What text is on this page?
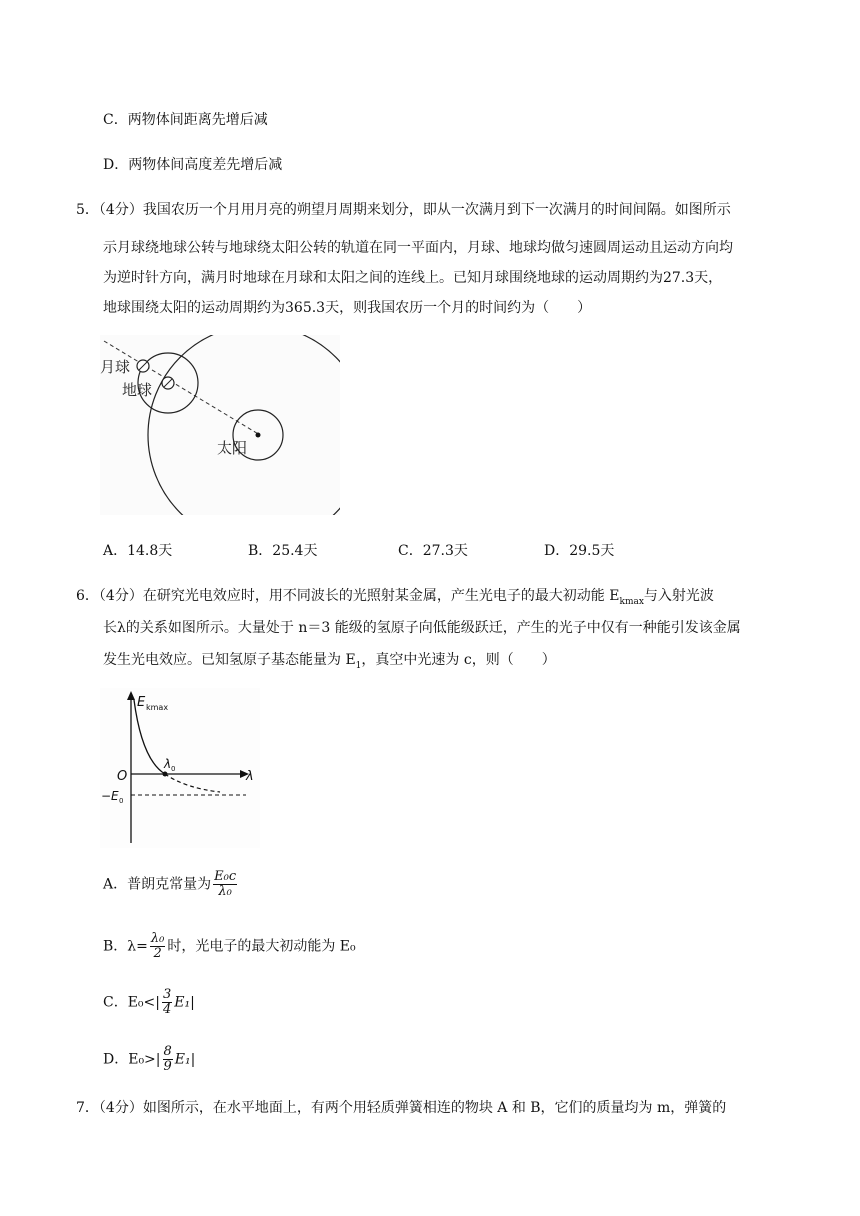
C．两物体间距离先增后减
D．两物体间高度差先增后减
5．（4分）我国农历一个月用月亮的朔望月周期来划分，即从一次满月到下一次满月的时间间隔。如图所示
示月球绕地球公转与地球绕太阳公转的轨道在同一平面内，月球、地球均做匀速圆周运动且运动方向均
为逆时针方向，满月时地球在月球和太阳之间的连线上。已知月球围绕地球的运动周期约为27.3天，
地球围绕太阳的运动周期约为365.3天，则我国农历一个月的时间约为（　　）
月球
地球
太阳
A．14.8天	B．25.4天	C．27.3天	D．29.5天
6．（4分）在研究光电效应时，用不同波长的光照射某金属，产生光电子的最大初动能 $E_{kmax}$与入射光波
长λ的关系如图所示。大量处于 n＝3 能级的氢原子向低能级跃迁，产生的光子中仅有一种能引发该金属
发生光电效应。已知氢原子基态能量为 $E_1$，真空中光速为 c，则（　　）
E kmax
λ
O
λ 0
−E 0
A．普朗克常量为 $\frac{\text{E₀c}}{\text{λ₀}}$
B．$\lambda= \frac{\text{λ₀}}{2}$ 时，光电子的最大初动能为 E₀
C．$E_0<| \frac{3}{4} E_1|$
D．$E_0>| \frac{8}{9} E_1|$
7．（4分）如图所示，在水平地面上，有两个用轻质弹簧相连的物块 A 和 B，它们的质量均为 m，弹簧的
